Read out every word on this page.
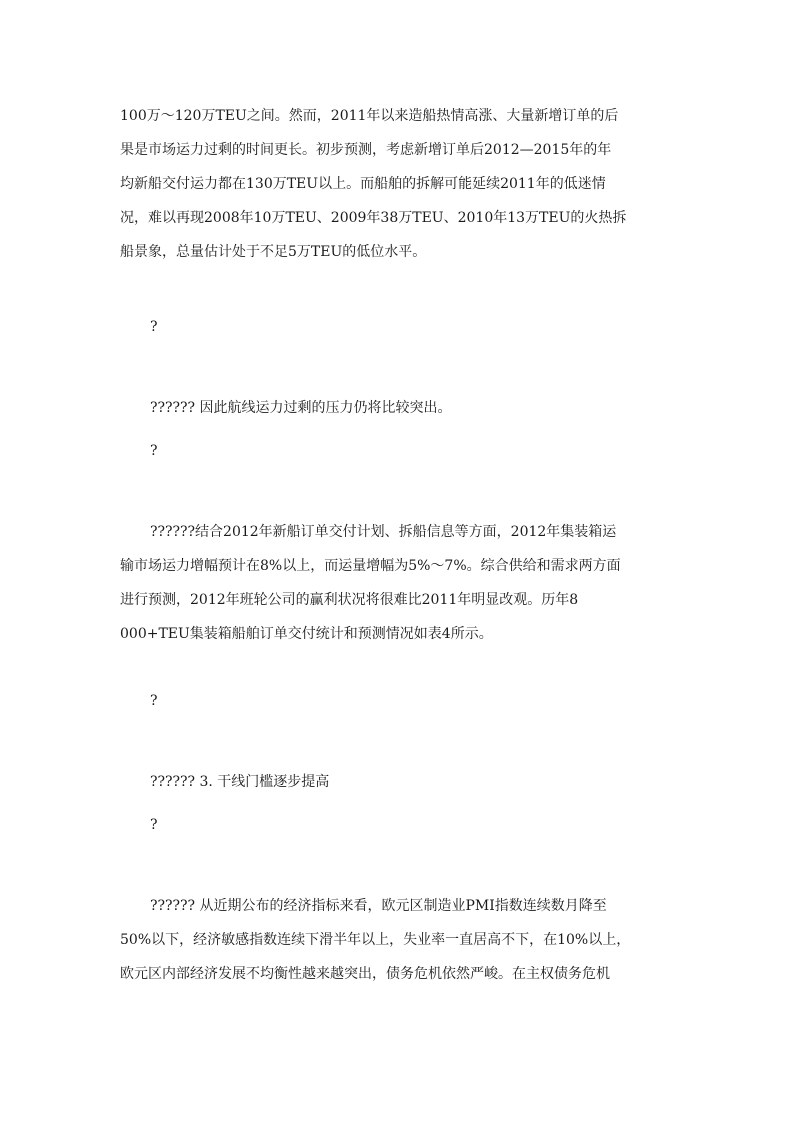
100万～120万TEU之间。然而，2011年以来造船热情高涨、大量新增订单的后
果是市场运力过剩的时间更长。初步预测，考虑新增订单后2012—2015年的年
均新船交付运力都在130万TEU以上。而船舶的拆解可能延续2011年的低迷情
况，难以再现2008年10万TEU、2009年38万TEU、2010年13万TEU的火热拆
船景象，总量估计处于不足5万TEU的低位水平。

?

?????? 因此航线运力过剩的压力仍将比较突出。

?

??????结合2012年新船订单交付计划、拆船信息等方面，2012年集装箱运
输市场运力增幅预计在8%以上，而运量增幅为5%～7%。综合供给和需求两方面
进行预测，2012年班轮公司的赢利状况将很难比2011年明显改观。历年8
000+TEU集装箱船舶订单交付统计和预测情况如表4所示。

?

?????? 3. 干线门槛逐步提高

?

?????? 从近期公布的经济指标来看，欧元区制造业PMI指数连续数月降至
50%以下，经济敏感指数连续下滑半年以上，失业率一直居高不下，在10%以上，
欧元区内部经济发展不均衡性越来越突出，债务危机依然严峻。在主权债务危机
